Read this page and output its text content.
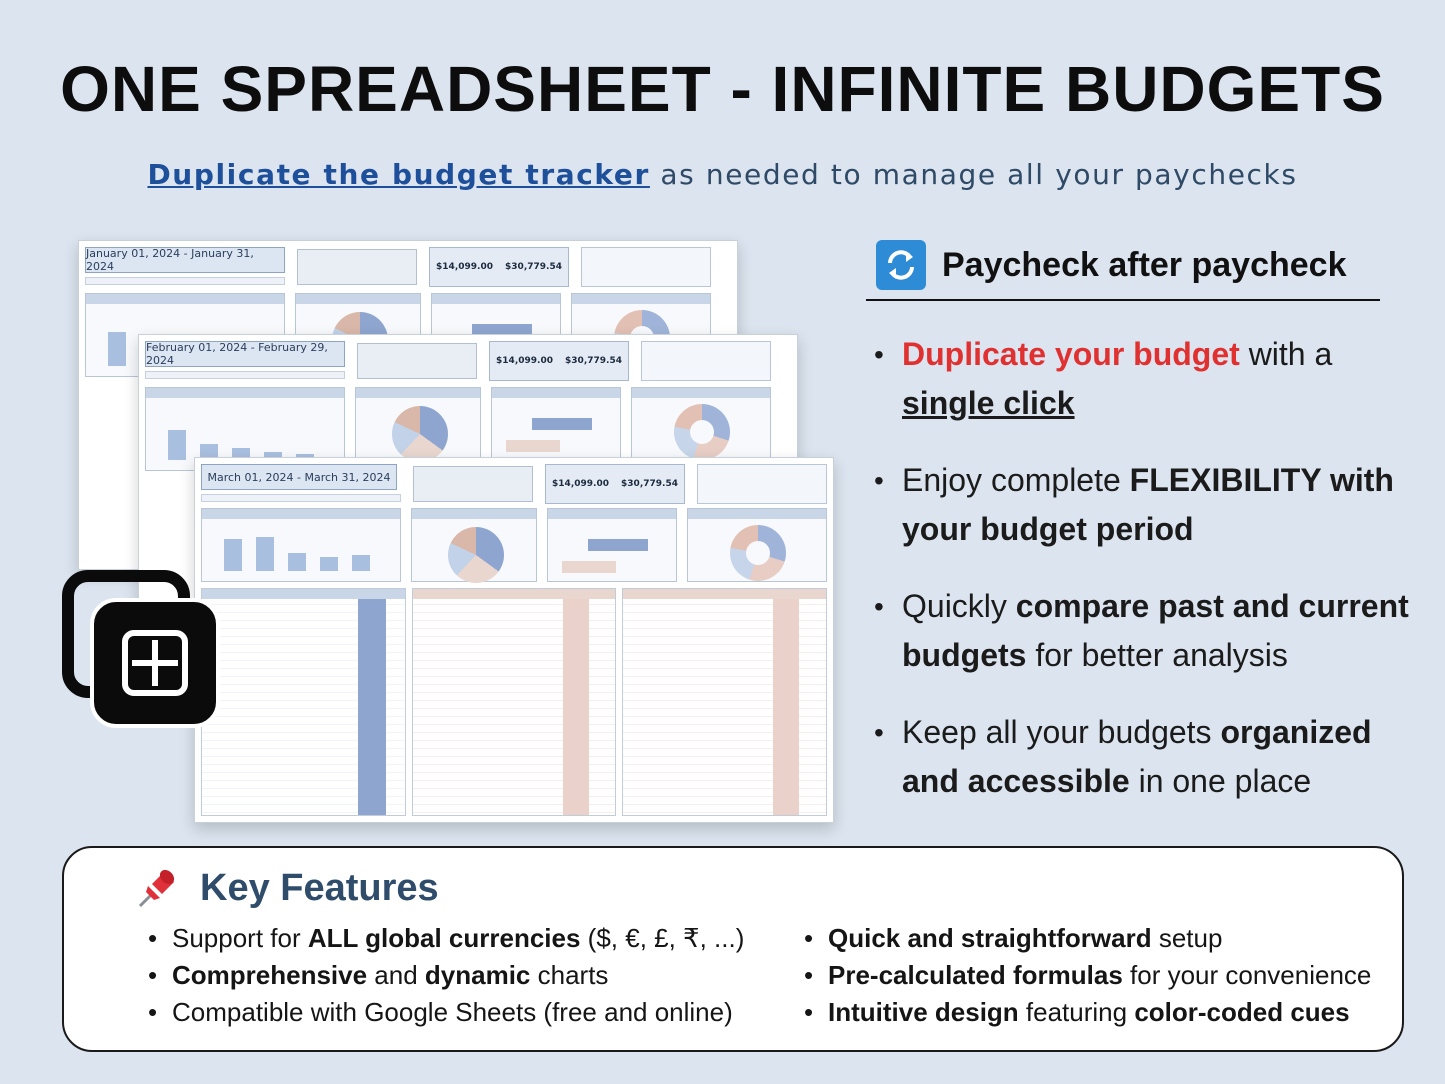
ONE SPREADSHEET - INFINITE BUDGETS
Duplicate the budget tracker as needed to manage all your paychecks
January 01, 2024 - January 31, 2024	$14,099.00 $30,779.54
February 01, 2024 - February 29, 2024	$14,099.00 $30,779.54
March 01, 2024 - March 31, 2024
$14,099.00 $30,779.54
Paycheck after paycheck
• Duplicate your budget with a
single click
• Enjoy complete FLEXIBILITY with your budget period
• Quickly compare past and current budgets for better analysis
• Keep all your budgets organized and accessible in one place
Key Features
• Support for ALL global currencies ($, €, £, ₹, ...)
• Comprehensive and dynamic charts
• Compatible with Google Sheets (free and online)
• Quick and straightforward setup
• Pre-calculated formulas for your convenience
• Intuitive design featuring color-coded cues
